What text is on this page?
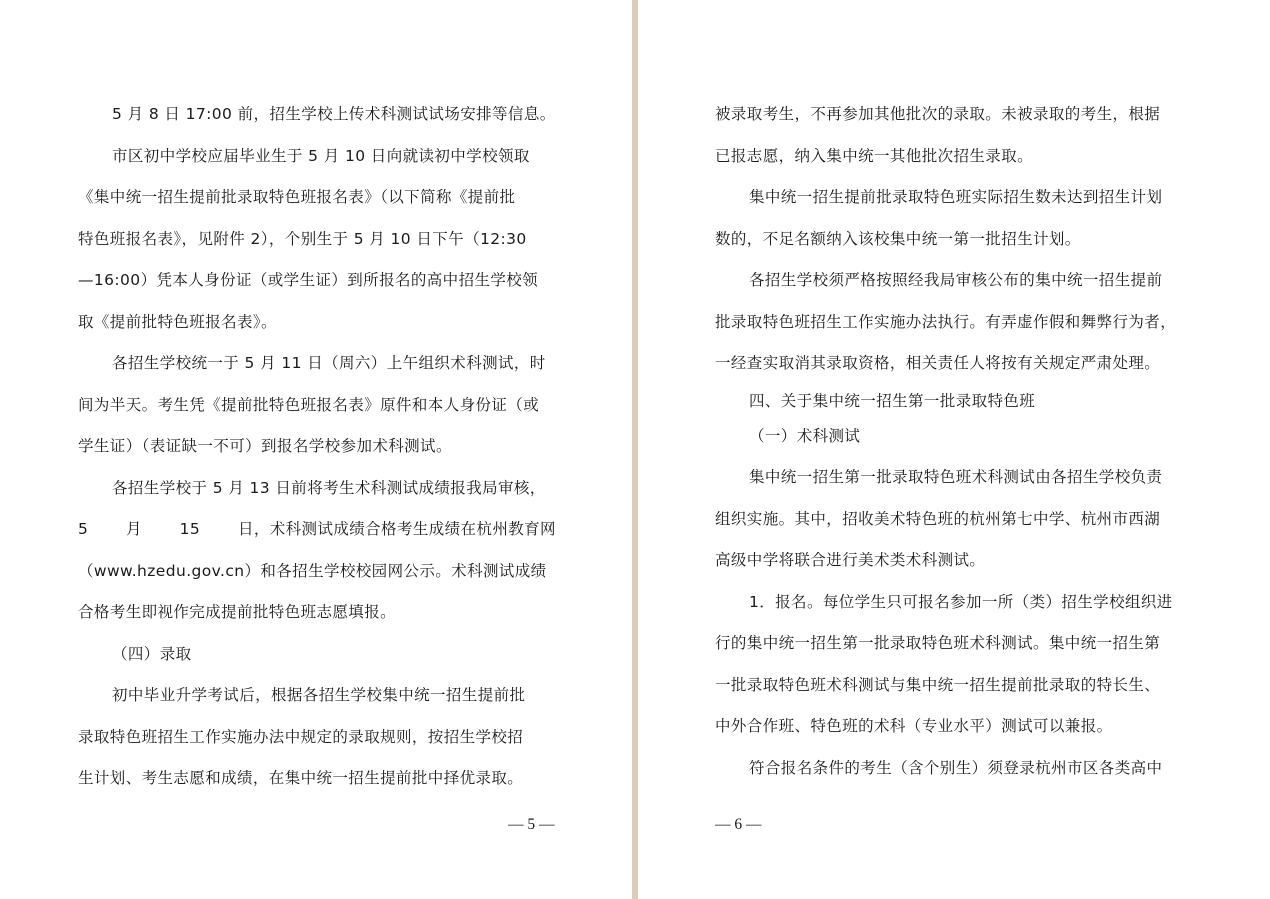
5 月 8 日 17:00 前，招生学校上传术科测试试场安排等信息。
市区初中学校应届毕业生于 5 月 10 日向就读初中学校领取
《集中统一招生提前批录取特色班报名表》（以下简称《提前批
特色班报名表》，见附件 2），个别生于 5 月 10 日下午（12:30
—16:00）凭本人身份证（或学生证）到所报名的高中招生学校领
取《提前批特色班报名表》。
各招生学校统一于 5 月 11 日（周六）上午组织术科测试，时
间为半天。考生凭《提前批特色班报名表》原件和本人身份证（或
学生证）（表证缺一不可）到报名学校参加术科测试。
各招生学校于 5 月 13 日前将考生术科测试成绩报我局审核，
5 月 15 日，术科测试成绩合格考生成绩在杭州教育网
（www.hzedu.gov.cn）和各招生学校校园网公示。术科测试成绩
合格考生即视作完成提前批特色班志愿填报。
（四）录取
初中毕业升学考试后，根据各招生学校集中统一招生提前批
录取特色班招生工作实施办法中规定的录取规则，按招生学校招
生计划、考生志愿和成绩，在集中统一招生提前批中择优录取。
— 5 —
被录取考生，不再参加其他批次的录取。未被录取的考生，根据
已报志愿，纳入集中统一其他批次招生录取。
集中统一招生提前批录取特色班实际招生数未达到招生计划
数的，不足名额纳入该校集中统一第一批招生计划。
各招生学校须严格按照经我局审核公布的集中统一招生提前
批录取特色班招生工作实施办法执行。有弄虚作假和舞弊行为者，
一经查实取消其录取资格，相关责任人将按有关规定严肃处理。
四、关于集中统一招生第一批录取特色班
（一）术科测试
集中统一招生第一批录取特色班术科测试由各招生学校负责
组织实施。其中，招收美术特色班的杭州第七中学、杭州市西湖
高级中学将联合进行美术类术科测试。
1．报名。每位学生只可报名参加一所（类）招生学校组织进
行的集中统一招生第一批录取特色班术科测试。集中统一招生第
一批录取特色班术科测试与集中统一招生提前批录取的特长生、
中外合作班、特色班的术科（专业水平）测试可以兼报。
符合报名条件的考生（含个别生）须登录杭州市区各类高中
— 6 —
